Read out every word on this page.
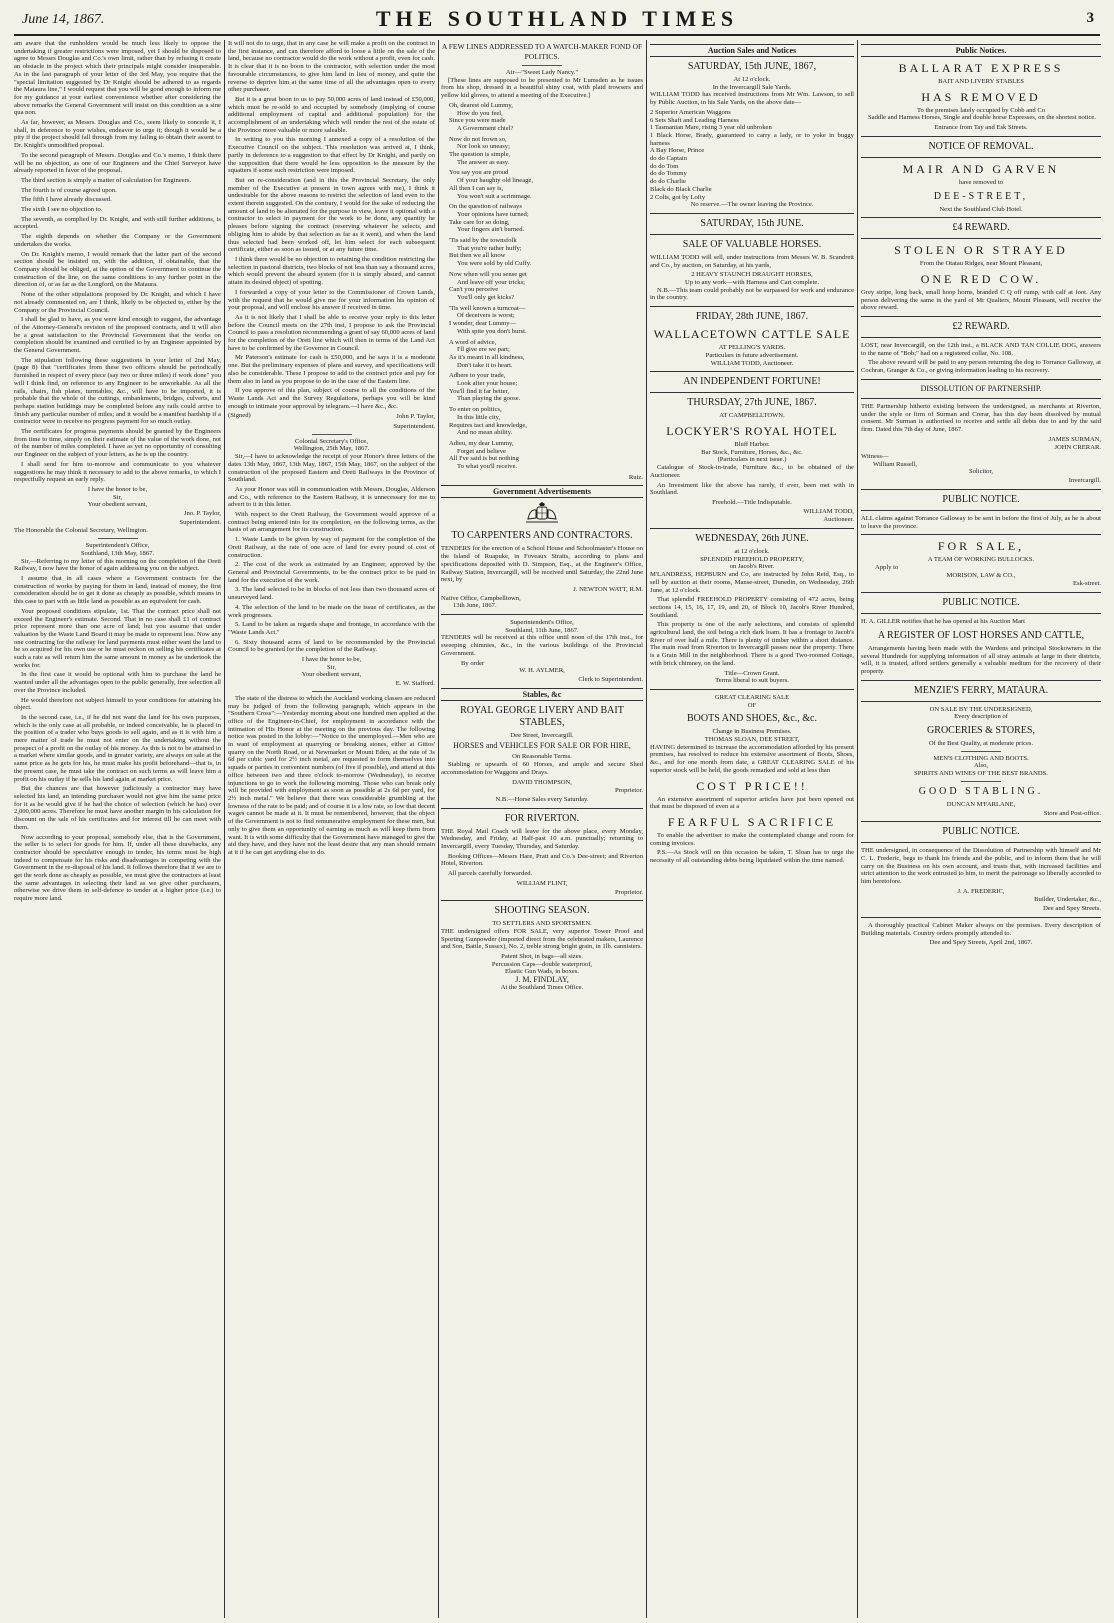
June 14, 1867.	THE SOUTHLAND TIMES	3

am aware that the runholders would be much less likely to oppose the undertaking if greater restrictions were imposed, yet I should be disposed to agree to Messrs Douglas and Co.'s own limit, rather than by refusing it create an obstacle in the project which their principals might consider insuperable. As in the last paragraph of your letter of the 3rd May, you require that the "special limitation suggested by Dr Knight should be adhered to as regards the Mataura line," I would request that you will be good enough to inform me for my guidance at your earliest convenience whether after considering the above remarks the General Government will insist on this condition as a sine qua non.

As far, however, as Messrs. Douglas and Co., seem likely to concede it, I shall, in deference to your wishes, endeavor to urge it; though it would be a pity if the project should fall through from my failing to obtain their assent to Dr. Knight's unmodified proposal.

To the second paragraph of Messrs. Douglas and Co.'s memo, I think there will be no objection, as one of our Engineers and the Chief Surveyor have already reported in favor of the proposal.

The third section is simply a matter of calculation for Engineers.

The fourth is of course agreed upon.

The fifth I have already discussed.

The sixth I see no objection to.

The seventh, as complied by Dr. Knight, and with still further additions, is accepted.

The eighth depends on whether the Company or the Government undertakes the works.

On Dr. Knight's memo, I would remark that the latter part of the second section should be insisted on, with the addition, if obtainable, that the Company should be obliged, at the option of the Government to continue the construction of the line, on the same conditions to any further point in the direction of, or as far as the Longford, on the Mataura.

None of the other stipulations proposed by Dr. Knight, and which I have not already commented on, are I think, likely to be objected to, either by the Company or the Provincial Council.

I shall be glad to have, as you were kind enough to suggest, the advantage of the Attorney-General's revision of the proposed contracts, and it will also be a great satisfaction to the Provincial Government that the works on completion should be examined and certified to by an Engineer appointed by the General Government.

The stipulation following these suggestions in your letter of 2nd May, (page 8) that "certificates from these two officers should be periodically furnished in respect of every piece (say two or three miles) if work done" you will I think find, on reference to any Engineer to be unworkable. As all the rails, chairs, fish plates, turntables, &c., will have to be imported, it is probable that the whole of the cuttings, embankments, bridges, culverts, and perhaps station buildings may be completed before any rails could arrive to finish any particular number of miles; and it would be a manifest hardship if a contractor were to receive no progress payment for so much outlay.

The certificates for progress payments should be granted by the Engineers from time to time, simply on their estimate of the value of the work done, not of the number of miles completed. I have as yet no opportunity of consulting our Engineer on the subject of your letters, as he is up the country.

I shall send for him to-morrow and communicate to you whatever suggestions he may think it necessary to add to the above remarks, to which I respectfully request an early reply.

I have the honor to be,
Sir,
Your obedient servant,
Jno. P. Taylor,
Superintendent.
The Honorable the Colonial Secretary, Wellington.
Superintendent's Office,
Southland, 13th May, 1867.

Sir,—Referring to my letter of this morning on the completion of the Oreti Railway, I now have the honor of again addressing you on the subject.

I assume that in all cases where a Government contracts for the construction of works by paying for them in land, instead of money, the first consideration should be to get it done as cheaply as possible, which means in this case to part with as little land as possible as an equivalent for cash.

Your proposed conditions stipulate, 1st. That the contract price shall not exceed the Engineer's estimate. Second. That in no case shall £1 of contract price represent more than one acre of land; but you assume that under valuation by the Waste Land Board it may be made to represent less. Now any one contracting for the railway for land payments must either want the land to be so acquired for his own use or he must reckon on selling his certificates at such a rate as will return him the same amount in money as he undertook the works for.

In the first case it would be optional with him to purchase the land he wanted under all the advantages open to the public generally, free selection all over the Province included.

He would therefore not subject himself to your conditions for attaining his object.

In the second case, i.e., if he did not want the land for his own purposes, which is the only case at all probable, or indeed conceivable, he is placed in the position of a trader who buys goods to sell again, and as it is with him a mere matter of trade he must not enter on the undertaking without the prospect of a profit on the outlay of his money. As this is not to be attained in a market where similar goods, and in greater variety, are always on sale at the same price as he gets for his, he must make his profit beforehand—that is, in the present case, he must take the contract on such terms as will leave him a profit on his outlay if he sells his land again at market price.

But the chances are that however judiciously a contractor may have selected his land, an intending purchaser would not give him the same price for it as he would give if he had the choice of selection (which he has) over 2,000,000 acres. Therefore he must have another margin in his calculation for discount on the sale of his certificates and for interest till he can meet with them.

Now according to your proposal, somebody else, that is the Government, the seller is to select for goods for him. If, under all these drawbacks, any contractor should be speculative enough to tender, his terms must be high indeed to compensate for his risks and disadvantages in competing with the Government in the re-disposal of his land. It follows therefore that if we are to get the work done as cheaply as possible, we must give the contractors at least the same advantages in selecting their land as we give other purchasers, otherwise we drive them in self-defence to tender at a higher price (i.e.) to require more land.

It will not do to urge, that in any case he will make a profit on the contract in the first instance, and can therefore afford to loose a little on the sale of the land, because no contractor would do the work without a profit, even for cash. It is clear that it is no boon to the contractor, with selection under the most favourable circumstances, to give him land in lieu of money, and quite the reverse to deprive him at the same time of all the advantages open to every other purchaser.

But it is a great boon to us to pay 50,000 acres of land instead of £50,000, which must be re-sold to and occupied by somebody (implying of course additional employment of capital and additional population) for the accomplishment of an undertaking which will render the rest of the estate of the Province more valuable or more saleable.

In writing to you this morning I annexed a copy of a resolution of the Executive Council on the subject. This resolution was arrived at, I think, partly in deference to a suggestion to that effect by Dr Knight, and partly on the supposition that there would be less opposition to the measure by the squatters if some such restriction were imposed.

But on re-consideration (and in this the Provincial Secretary, the only member of the Executive at present in town agrees with me), I think it undesirable for the above reasons to restrict the selection of land even to the extent therein suggested. On the contrary, I would for the sake of reducing the amount of land to be alienated for the purpose in view, leave it optional with a contractor to select in payment for the work to be done, any quantity he pleases before signing the contract (reserving whatever he selects, and obliging him to abide by that selection as far as it went), and when the land thus selected had been worked off, let him select for each subsequent certificate, either as soon as issued, or at any future time.

I think there would be no objection to retaining the condition restricting the selection in pastoral districts, two blocks of not less than say a thousand acres, which would prevent the absurd system (for it is simply absurd, and cannot attain its desired object) of spotting.

I forwarded a copy of your letter to the Commissioner of Crown Lands, with the request that he would give me for your information his opinion of your proposal, and will enclose his answer if received in time.

As it is not likely that I shall be able to receive your reply to this letter before the Council meets on the 27th inst, I propose to ask the Provincial Council to pass a resolution recommending a grant of say 60,000 acres of land for the completion of the Oreti line which will then in terms of the Land Act have to be confirmed by the Governor in Council.

Mr Paterson's estimate for cash is £50,000, and he says it is a moderate one. But the preliminary expenses of plans and survey, and specifications will also be considerable. These I propose to add to the contract price and pay for them also in land as you propose to do in the case of the Eastern line.

If you approve of this plan, subject of course to all the conditions of the Waste Lands Act and the Survey Regulations, perhaps you will be kind enough to intimate your approval by telegram.—I have &c., &c.

(Signed)	John P. Taylor,
Superintendent.
Colonial Secretary's Office,
Wellington, 25th May, 1867.

Sir,—I have to acknowledge the receipt of your Honor's three letters of the dates 13th May, 1867, 13th May, 1867, 15th May, 1867, on the subject of the construction of the proposed Eastern and Oreti Railways in the Province of Southland.

As your Honor was still in communication with Messrs. Douglas, Alderson and Co., with reference to the Eastern Railway, it is unnecessary for me to advert to it in this letter.

With respect to the Oreti Railway, the Government would approve of a contract being entered into for its completion, on the following terms, as the basis of an arrangement for its construction.

1. Waste Lands to be given by way of payment for the completion of the Oreti Railway, at the rate of one acre of land for every pound of cost of construction.

2. The cost of the work as estimated by an Engineer, approved by the General and Provincial Governments, to be the contract price to be paid in land for the execution of the work.

3. The land selected to be in blocks of not less than two thousand acres of unsurveyed land.

4. The selection of the land to be made on the issue of certificates, as the work progresses.

5. Land to be taken as regards shape and frontage, in accordance with the "Waste Lands Act."

6. Sixty thousand acres of land to be recommended by the Provincial Council to be granted for the completion of the Railway.

I have the honor to be,
Sir,
Your obedient servant,
E. W. Stafford.

The state of the distress to which the Auckland working classes are reduced may be judged of from the following paragraph, which appears in the "Southern Cross":—Yesterday morning about one hundred men applied at the office of the Engineer-in-Chief, for employment in accordance with the intimation of His Honor at the meeting on the previous day. The following notice was posted in the lobby:—"Notice to the unemployed.—Men who are in want of employment at quarrying or breaking stones, either at Gittos' quarry on the North Road, or at Newmarket or Mount Eden, at the rate of 3s 6d per cubic yard for 2½ inch metal, are requested to form themselves into squads or parties in convenient numbers (of five if possible), and attend at this office between two and three o'clock to-morrow (Wednesday), to receive injunctions to go to work the following morning. Those who can break only will be provided with employment as soon as possible at 2s 6d per yard, for 2½ inch metal." We believe that there was considerable grumbling at the lowness of the rate to be paid; and of course it is a low rate, so low that decent wages cannot be made at it. It must be remembered, however, that the object of the Government is not to find remunerative employment for these men, but only to give them an opportunity of earning as much as will keep them from want. It is with some difficulty that the Government have managed to give the aid they have, and they have not the least desire that any man should remain at it if he can get anything else to do.

A FEW LINES ADDRESSED TO A WATCH-MAKER FOND OF POLITICS.
Air—"Sweet Lady Nancy."

[These lines are supposed to be presented to Mr Lumsden as he issues from his shop, dressed in a beautiful shiny coat, with plaid trowsers and yellow kid gloves, to attend a meeting of the Executive.]

Oh, dearest old Lummy,
How do you feel,
Since you were made
A Government chiel?
Now do not frown so,
Nor look so uneasy;
The question is simple,
The answer as easy.
You say you are proud
Of your haughty old lineage,
All then I can say is,
You won't suit a scrimmage.
On the question of railways
Your opinions have turned;
Take care for so doing,
Your fingers ain't burned.
'Tis said by the townsfolk
That you're rather huffy;
But then we all know
You were sold by old Cuffy.
Now when will you sense get
And leave off your tricks;
Can't you perceive
You'll only get kicks?
'Tis well known a turncoat—
Of deceivers is worst;
I wonder, dear Lummy—
With spite you don't burst.
A word of advice,
I'll give ere we part;
As it's meant in all kindness,
Don't take it to heart.
Adhere to your trade,
Look after your house;
You'll find it far better,
Than playing the goose.
To enter on politics,
In this little city,
Requires tact and knowledge,
And no mean ability.
Adieu, my dear Lummy,
Forget and believe
All I've said is but nothing
To what you'll receive.
Ruiz.
Government Advertisements
TO CARPENTERS AND CONTRACTORS.

TENDERS for the erection of a School House and Schoolmaster's House on the Island of Ruapuke, in Foveaux Straits, according to plans and specifications deposited with D. Simpson, Esq., at the Engineer's Office, Railway Station, Invercargill, will be received until Saturday, the 22nd June next, by

J. NEWTON WATT, R.M.
Native Office, Campbelltown,
13th June, 1867.
Superintendent's Office,
Southland, 11th June, 1867.

TENDERS will be received at this office until noon of the 17th inst., for sweeping chimnies, &c., in the various buildings of the Provincial Government.

By order
W. H. AYLMER,
Clerk to Superintendent.
Stables, &c
ROYAL GEORGE LIVERY AND BAIT STABLES,
Dee Street, Invercargill.
HORSES and VEHICLES FOR SALE OR FOR HIRE,
On Reasonable Terms.

Stabling or upwards of 60 Horses, and ample and secure Shed accommodation for Waggons and Drays.

DAVID THOMPSON,
Proprietor.
N.B.—Horse Sales every Saturday.
FOR RIVERTON.

THE Royal Mail Coach will leave for the above place, every Monday, Wednesday, and Friday, at Half-past 10 a.m. punctually; returning to Invercargill, every Tuesday, Thursday, and Saturday.

Booking Offices—Messrs Hare, Pratt and Co.'s Dee-street; and Riverton Hotel, Riverton.

All parcels carefully forwarded.

WILLIAM FLINT,
Proprietor.
SHOOTING SEASON.
TO SETTLERS AND SPORTSMEN.

THE undersigned offers FOR SALE, very superior Tower Proof and Sporting Gunpowder (imported direct from the celebrated makers, Laurence and Son, Battle, Sussex), No. 2, treble strong bright grain, in 1lb. cannisters.

Patent Shot, in bags—all sizes.
Percussion Caps—double waterproof,
Elastic Gun Wads, in boxes.
J. M. FINDLAY,
At the Southland Times Office.
Auction Sales and Notices
SATURDAY, 15th JUNE, 1867,
At 12 o'clock.
In the Invercargill Sale Yards.

WILLIAM TODD has received instructions from Mr Wm. Lawson, to sell by Public Auction, in his Sale Yards, on the above date—

2 Superior American Waggons
6 Sets Shaft and Leading Harness
1 Tasmanian Mare, rising 3 year old unbroken
1 Black Horse, Brady, guaranteed to carry a lady, or to yoke in buggy harness
A Bay Horse, Prince
do do Captain
do do Tom
do do Tommy
do do Charlie
Black do Black Charlie
2 Colts, got by Lofty
No reserve.—The owner leaving the Province.
SATURDAY, 15th JUNE.
SALE OF VALUABLE HORSES.

WILLIAM TODD will sell, under instructions from Messrs W. B. Scandrett and Co., by auction, on Saturday, at his yards,

2 HEAVY STAUNCH DRAUGHT HORSES,
Up to any work—with Harness and Cart complete.

N.B.—This team could probably not be surpassed for work and endurance in the country.

FRIDAY, 28th JUNE, 1867.
WALLACETOWN CATTLE SALE
AT PELLING'S YARDS.
Particulars in future advertisement.
WILLIAM TODD, Auctioneer.
AN INDEPENDENT FORTUNE!
THURSDAY, 27th JUNE, 1867.
AT CAMPBELLTOWN.
LOCKYER'S ROYAL HOTEL
Bluff Harbor.
Bar Stock, Furniture, Horses, &c., &c.
(Particulars in next issue.)

Catalogue of Stock-in-trade, Furniture &c., to be obtained of the Auctioneer.

An Investment like the above has rarely, if ever, been met with in Southland.

Freehold.—Title Indisputable.
WILLIAM TODD,
Auctioneer.
WEDNESDAY, 26th JUNE.
at 12 o'clock.
SPLENDID FREEHOLD PROPERTY,
on Jacob's River.

M'LANDRESS, HEPBURN and Co, are instructed by John Reid, Esq., to sell by auction at their rooms, Manse-street, Dunedin, on Wednesday, 26th June, at 12 o'clock.

That splendid FREEHOLD PROPERTY consisting of 472 acres, being sections 14, 15, 16, 17, 19, and 20, of Block 10, Jacob's River Hundred, Southland.

This property is one of the early selections, and consists of splendid agricultural land, the soil being a rich dark loam. It has a frontage to Jacob's River of over half a mile. There is plenty of timber within a short distance. The main road from Riverton to Invercargill passes near the property. There is a Grain Mill in the neighborhood. There is a good Two-roomed Cottage, with brick chimney, on the land.

Title—Crown Grant.
Terms liberal to suit buyers.
GREAT CLEARING SALE
OF
BOOTS AND SHOES, &c., &c.
Change in Business Premises.
THOMAS SLOAN, DEE STREET,

HAVING determined to increase the accommodation afforded by his present premises, has resolved to reduce his extensive assortment of Boots, Shoes, &c., and for one month from date, a GREAT CLEARING SALE of his superior stock will be held, the goods remarked and sold at less than

COST PRICE!!

An extensive assortment of superior articles have just been opened out that must be disposed of even at a

FEARFUL SACRIFICE

To enable the advertiser to make the contemplated change and room for coming invoices.

P.S.—As Stock will on this occasion be taken, T. Sloan has to urge the necessity of all outstanding debts being liquidated within the time named.

Public Notices.
BALLARAT EXPRESS
BAIT AND LIVERY STABLES
HAS REMOVED
To the premises lately occupied by Cobb and Co

Saddle and Harness Horses, Single and double horse Expresses, on the shortest notice.

Entrance from Tay and Esk Streets.
NOTICE OF REMOVAL.
MAIR AND GARVEN
have removed to
DEE-STREET,
Next the Southland Club Hotel.
£4 REWARD.
STOLEN OR STRAYED
From the Otatau Ridges, near Mount Pleasant,
ONE RED COW.

Grey stripe, long back, small hoop horns, branded C Q off rump, with calf at foot. Any person delivering the same in the yard of Mr Qualters, Mount Pleasant, will receive the above reward.

£2 REWARD.

LOST, near Invercargill, on the 12th inst., a BLACK AND TAN COLLIE DOG, answers to the name of "Bob;" had on a registered collar, No. 108.

The above reward will be paid to any person returning the dog to Torrance Galloway, at Cochran, Granger & Co., or giving information leading to his recovery.

DISSOLUTION OF PARTNERSHIP.

THE Partnership hitherto existing between the undersigned, as merchants at Riverton, under the style or firm of Surman and Crerar, has this day been dissolved by mutual consent. Mr Surman is authorised to receive and settle all debts due to and by the said firm. Dated this 7th day of June, 1867.

JAMES SURMAN,
JOHN CRERAR.
Witness—
William Russell,
Solicitor,
Invercargill.
PUBLIC NOTICE.

ALL claims against Torrance Galloway to be sent in before the first of July, as he is about to leave the province.

FOR SALE,
A TEAM OF WORKING BULLOCKS.
Apply to
MORISON, LAW & CO.,
Esk-street.
PUBLIC NOTICE.

H. A. GILLER notifies that he has opened at his Auction Mart

A REGISTER OF LOST HORSES AND CATTLE,

Arrangements having been made with the Wardens and principal Stockowners in the several Hundreds for supplying information of all stray animals at large in their districts, will, it is trusted, afford settlers generally a valuable medium for the recovery of their property.

MENZIE'S FERRY, MATAURA.
ON SALE BY THE UNDERSIGNED,
Every description of
GROCERIES & STORES,
Of the Best Quality, at moderate prices.
MEN'S CLOTHING AND BOOTS.
Also,
SPIRITS AND WINES OF THE BEST BRANDS.
GOOD STABLING.
DUNCAN M'FARLANE,
Store and Post-office.
PUBLIC NOTICE.

THE undersigned, in consequence of the Dissolution of Partnership with himself and Mr C. L. Frederic, begs to thank his friends and the public, and to inform them that he will carry on the Business on his own account, and trusts that, with increased facilities and strict attention to the work entrusted to him, to merit the patronage so liberally accorded to him heretofore.

J. A. FREDERIC,
Builder, Undertaker, &c.,
Dee and Spey Streets.

A thoroughly practical Cabinet Maker always on the premises. Every description of Building materials. Country orders promptly attended to.

Dee and Spey Streets, April 2nd, 1867.
